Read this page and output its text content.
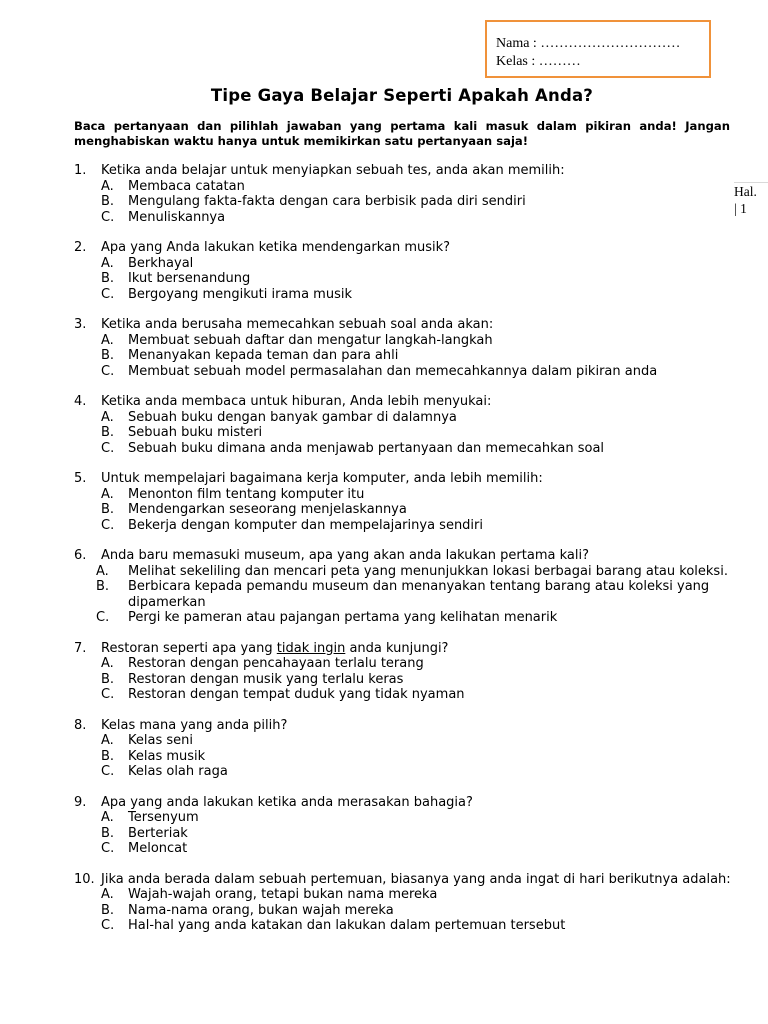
Nama : …………………………
Kelas : ………
Tipe Gaya Belajar Seperti Apakah Anda?
Baca pertanyaan dan pilihlah jawaban yang pertama kali masuk dalam pikiran anda! Jangan menghabiskan waktu hanya untuk memikirkan satu pertanyaan saja!
Hal.
| 1
1.	Ketika anda belajar untuk menyiapkan sebuah tes, anda akan memilih:
A.	Membaca catatan
B.	Mengulang fakta-fakta dengan cara berbisik pada diri sendiri
C.	Menuliskannya
2.	Apa yang Anda lakukan ketika mendengarkan musik?
A.	Berkhayal
B.	Ikut bersenandung
C.	Bergoyang mengikuti irama musik
3.	Ketika anda berusaha memecahkan sebuah soal anda akan:
A.	Membuat sebuah daftar dan mengatur langkah-langkah
B.	Menanyakan kepada teman dan para ahli
C.	Membuat sebuah model permasalahan dan memecahkannya dalam pikiran anda
4.	Ketika anda membaca untuk hiburan, Anda lebih menyukai:
A.	Sebuah buku dengan banyak gambar di dalamnya
B.	Sebuah buku misteri
C.	Sebuah buku dimana anda menjawab pertanyaan dan memecahkan soal
5.	Untuk mempelajari bagaimana kerja komputer, anda lebih memilih:
A.	Menonton film tentang komputer itu
B.	Mendengarkan seseorang menjelaskannya
C.	Bekerja dengan komputer dan mempelajarinya sendiri
6.	Anda baru memasuki museum, apa yang akan anda lakukan pertama kali?
A.	Melihat sekeliling dan mencari peta yang menunjukkan lokasi berbagai barang atau koleksi.
B.	Berbicara kepada pemandu museum dan menanyakan tentang barang atau koleksi yang dipamerkan
C.	Pergi ke pameran atau pajangan pertama yang kelihatan menarik
7.	Restoran seperti apa yang tidak ingin anda kunjungi?
A.	Restoran dengan pencahayaan terlalu terang
B.	Restoran dengan musik yang terlalu keras
C.	Restoran dengan tempat duduk yang tidak nyaman
8.	Kelas mana yang anda pilih?
A.	Kelas seni
B.	Kelas musik
C.	Kelas olah raga
9.	Apa yang anda lakukan ketika anda merasakan bahagia?
A.	Tersenyum
B.	Berteriak
C.	Meloncat
10. Jika anda berada dalam sebuah pertemuan, biasanya yang anda ingat di hari berikutnya adalah:
A.	Wajah-wajah orang, tetapi bukan nama mereka
B.	Nama-nama orang, bukan wajah mereka
C.	Hal-hal yang anda katakan dan lakukan dalam pertemuan tersebut
